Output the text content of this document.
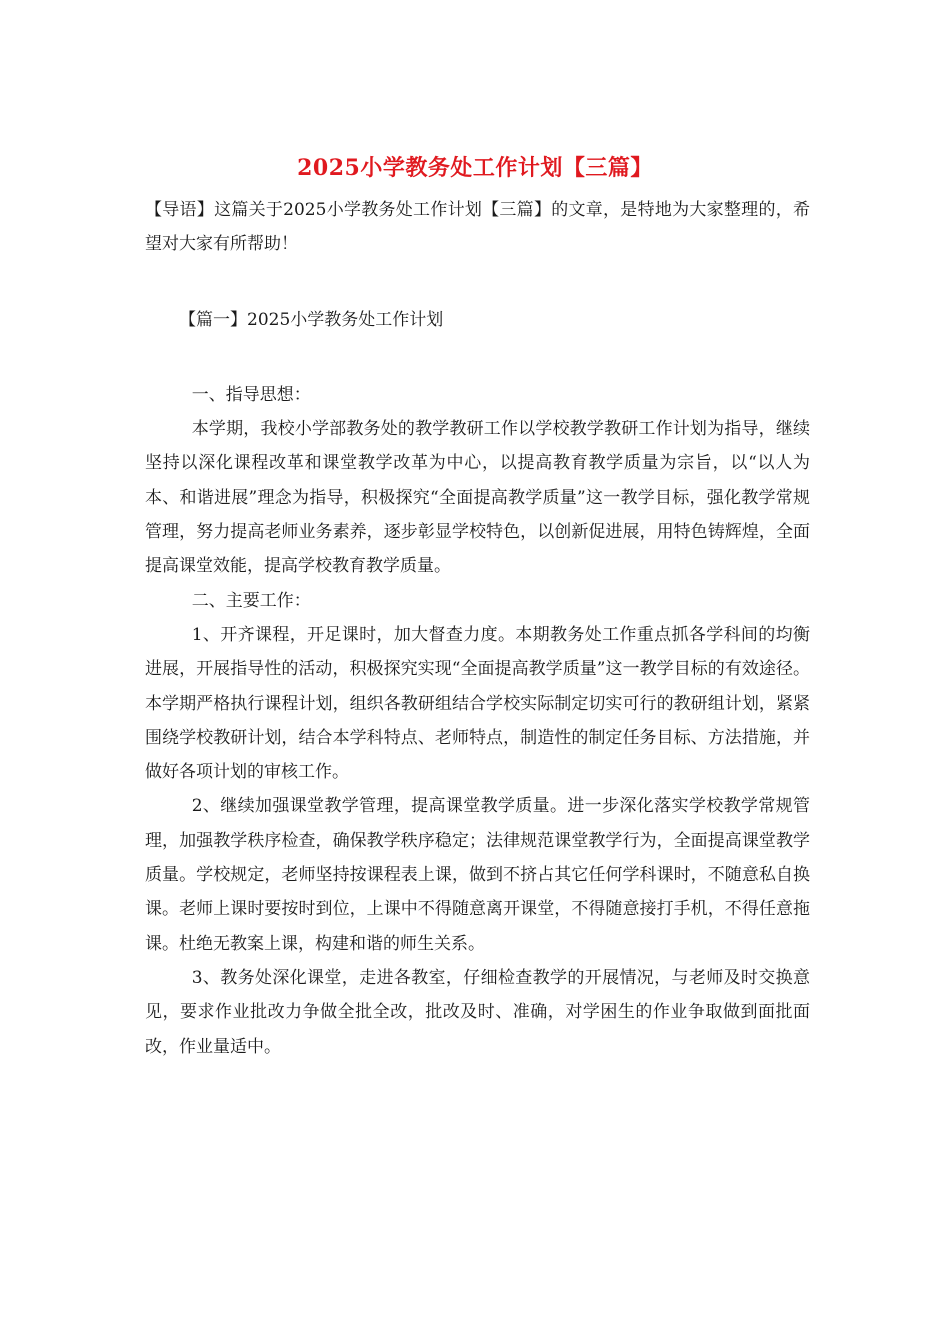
2025小学教务处工作计划【三篇】

【导语】这篇关于2025小学教务处工作计划【三篇】的文章，是特地为大家整理的，希望对大家有所帮助！

【篇一】2025小学教务处工作计划

一、指导思想：

本学期，我校小学部教务处的教学教研工作以学校教学教研工作计划为指导，继续坚持以深化课程改革和课堂教学改革为中心，以提高教育教学质量为宗旨，以“以人为本、和谐进展”理念为指导，积极探究“全面提高教学质量”这一教学目标，强化教学常规管理，努力提高老师业务素养，逐步彰显学校特色，以创新促进展，用特色铸辉煌，全面提高课堂效能，提高学校教育教学质量。

二、主要工作：

1、开齐课程，开足课时，加大督查力度。本期教务处工作重点抓各学科间的均衡进展，开展指导性的活动，积极探究实现“全面提高教学质量”这一教学目标的有效途径。本学期严格执行课程计划，组织各教研组结合学校实际制定切实可行的教研组计划，紧紧围绕学校教研计划，结合本学科特点、老师特点，制造性的制定任务目标、方法措施，并做好各项计划的审核工作。

2、继续加强课堂教学管理，提高课堂教学质量。进一步深化落实学校教学常规管理，加强教学秩序检查，确保教学秩序稳定；法律规范课堂教学行为，全面提高课堂教学质量。学校规定，老师坚持按课程表上课，做到不挤占其它任何学科课时，不随意私自换课。老师上课时要按时到位，上课中不得随意离开课堂，不得随意接打手机，不得任意拖课。杜绝无教案上课，构建和谐的师生关系。

3、教务处深化课堂，走进各教室，仔细检查教学的开展情况，与老师及时交换意见，要求作业批改力争做全批全改，批改及时、准确，对学困生的作业争取做到面批面改，作业量适中。
